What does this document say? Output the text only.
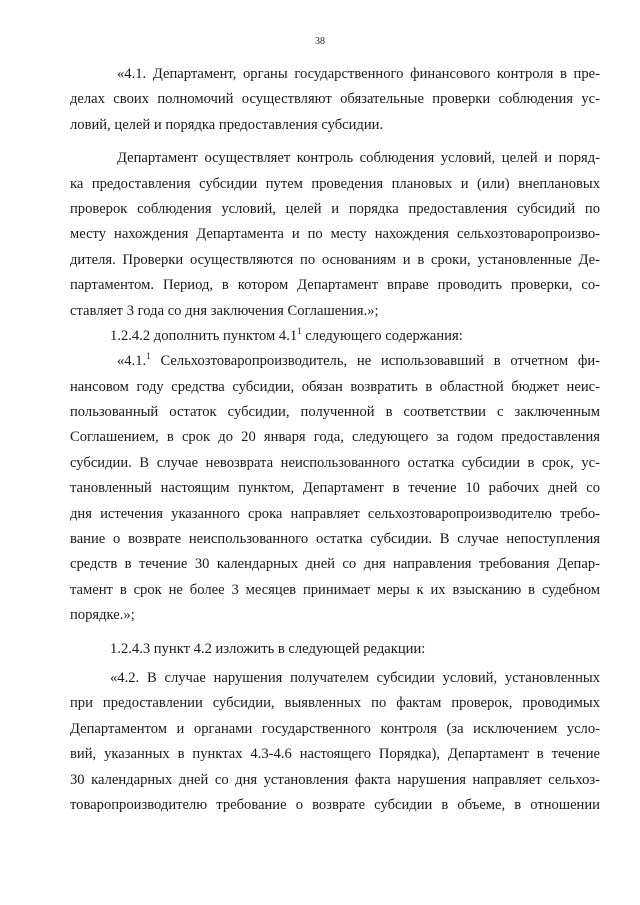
38
«4.1. Департамент, органы государственного финансового контроля в пре-
делах своих полномочий осуществляют обязательные проверки соблюдения ус-
ловий, целей и порядка предоставления субсидии.
Департамент осуществляет контроль соблюдения условий, целей и поряд-
ка предоставления субсидии путем проведения плановых и (или) внеплановых
проверок соблюдения условий, целей и порядка предоставления субсидий по
месту нахождения Департамента и по месту нахождения сельхозтоваропроизво-
дителя. Проверки осуществляются по основаниям и в сроки, установленные Де-
партаментом. Период, в котором Департамент вправе проводить проверки, со-
ставляет 3 года со дня заключения Соглашения.»;
1.2.4.2 дополнить пунктом $4.1^1$ следующего содержания:
«4.1.$^1$ Сельхозтоваропроизводитель, не использовавший в отчетном фи-
нансовом году средства субсидии, обязан возвратить в областной бюджет неис-
пользованный остаток субсидии, полученной в соответствии с заключенным
Соглашением, в срок до 20 января года, следующего за годом предоставления
субсидии. В случае невозврата неиспользованного остатка субсидии в срок, ус-
тановленный настоящим пунктом, Департамент в течение 10 рабочих дней со
дня истечения указанного срока направляет сельхозтоваропроизводителю требо-
вание о возврате неиспользованного остатка субсидии. В случае непоступления
средств в течение 30 календарных дней со дня направления требования Депар-
тамент в срок не более 3 месяцев принимает меры к их взысканию в судебном
порядке.»;
1.2.4.3 пункт 4.2 изложить в следующей редакции:
«4.2. В случае нарушения получателем субсидии условий, установленных
при предоставлении субсидии, выявленных по фактам проверок, проводимых
Департаментом и органами государственного контроля (за исключением усло-
вий, указанных в пунктах 4.3-4.6 настоящего Порядка), Департамент в течение
30 календарных дней со дня установления факта нарушения направляет сельхоз-
товаропроизводителю требование о возврате субсидии в объеме, в отношении
